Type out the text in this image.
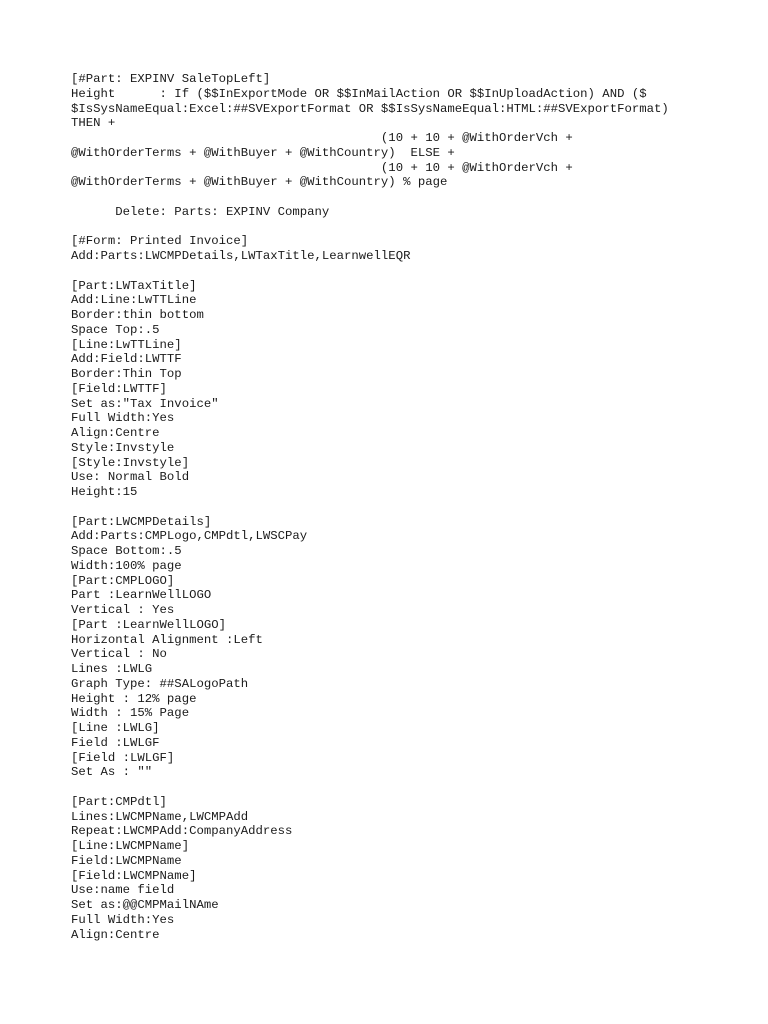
[#Part: EXPINV SaleTopLeft]
Height      : If ($$InExportMode OR $$InMailAction OR $$InUploadAction) AND ($
$IsSysNameEqual:Excel:##SVExportFormat OR $$IsSysNameEqual:HTML:##SVExportFormat)
THEN +
(10 + 10 + @WithOrderVch +
@WithOrderTerms + @WithBuyer + @WithCountry)  ELSE +
(10 + 10 + @WithOrderVch +
@WithOrderTerms + @WithBuyer + @WithCountry) % page
Delete: Parts: EXPINV Company
[#Form: Printed Invoice]
Add:Parts:LWCMPDetails,LWTaxTitle,LearnwellEQR
[Part:LWTaxTitle]
Add:Line:LwTTLine
Border:thin bottom
Space Top:.5
[Line:LwTTLine]
Add:Field:LWTTF
Border:Thin Top
[Field:LWTTF]
Set as:"Tax Invoice"
Full Width:Yes
Align:Centre
Style:Invstyle
[Style:Invstyle]
Use: Normal Bold
Height:15
[Part:LWCMPDetails]
Add:Parts:CMPLogo,CMPdtl,LWSCPay
Space Bottom:.5
Width:100% page
[Part:CMPLOGO]
Part :LearnWellLOGO
Vertical : Yes
[Part :LearnWellLOGO]
Horizontal Alignment :Left
Vertical : No
Lines :LWLG
Graph Type: ##SALogoPath
Height : 12% page
Width : 15% Page
[Line :LWLG]
Field :LWLGF
[Field :LWLGF]
Set As : ""
[Part:CMPdtl]
Lines:LWCMPName,LWCMPAdd
Repeat:LWCMPAdd:CompanyAddress
[Line:LWCMPName]
Field:LWCMPName
[Field:LWCMPName]
Use:name field
Set as:@@CMPMailNAme
Full Width:Yes
Align:Centre
